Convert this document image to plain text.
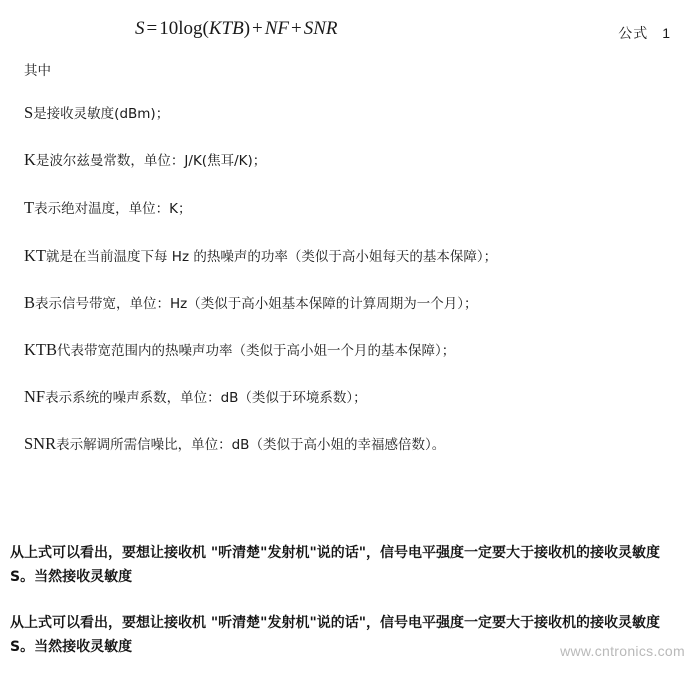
S = 10log(KTB) + NF + SNR	公式 1
其中
S是接收灵敏度(dBm)；
K是波尔兹曼常数，单位：J/K(焦耳/K)；
T表示绝对温度，单位：K；
KT就是在当前温度下每 Hz 的热噪声的功率（类似于高小姐每天的基本保障）；
B表示信号带宽，单位：Hz（类似于高小姐基本保障的计算周期为一个月）；
KTB代表带宽范围内的热噪声功率（类似于高小姐一个月的基本保障）；
NF表示系统的噪声系数，单位：dB（类似于环境系数）；
SNR表示解调所需信噪比，单位：dB（类似于高小姐的幸福感倍数）。
从上式可以看出，要想让接收机 "听清楚"发射机"说的话"，信号电平强度一定要大于接收机的接收灵敏度 S。当然接收灵敏度
从上式可以看出，要想让接收机 "听清楚"发射机"说的话"，信号电平强度一定要大于接收机的接收灵敏度 S。当然接收灵敏度	www.cntronics.com
